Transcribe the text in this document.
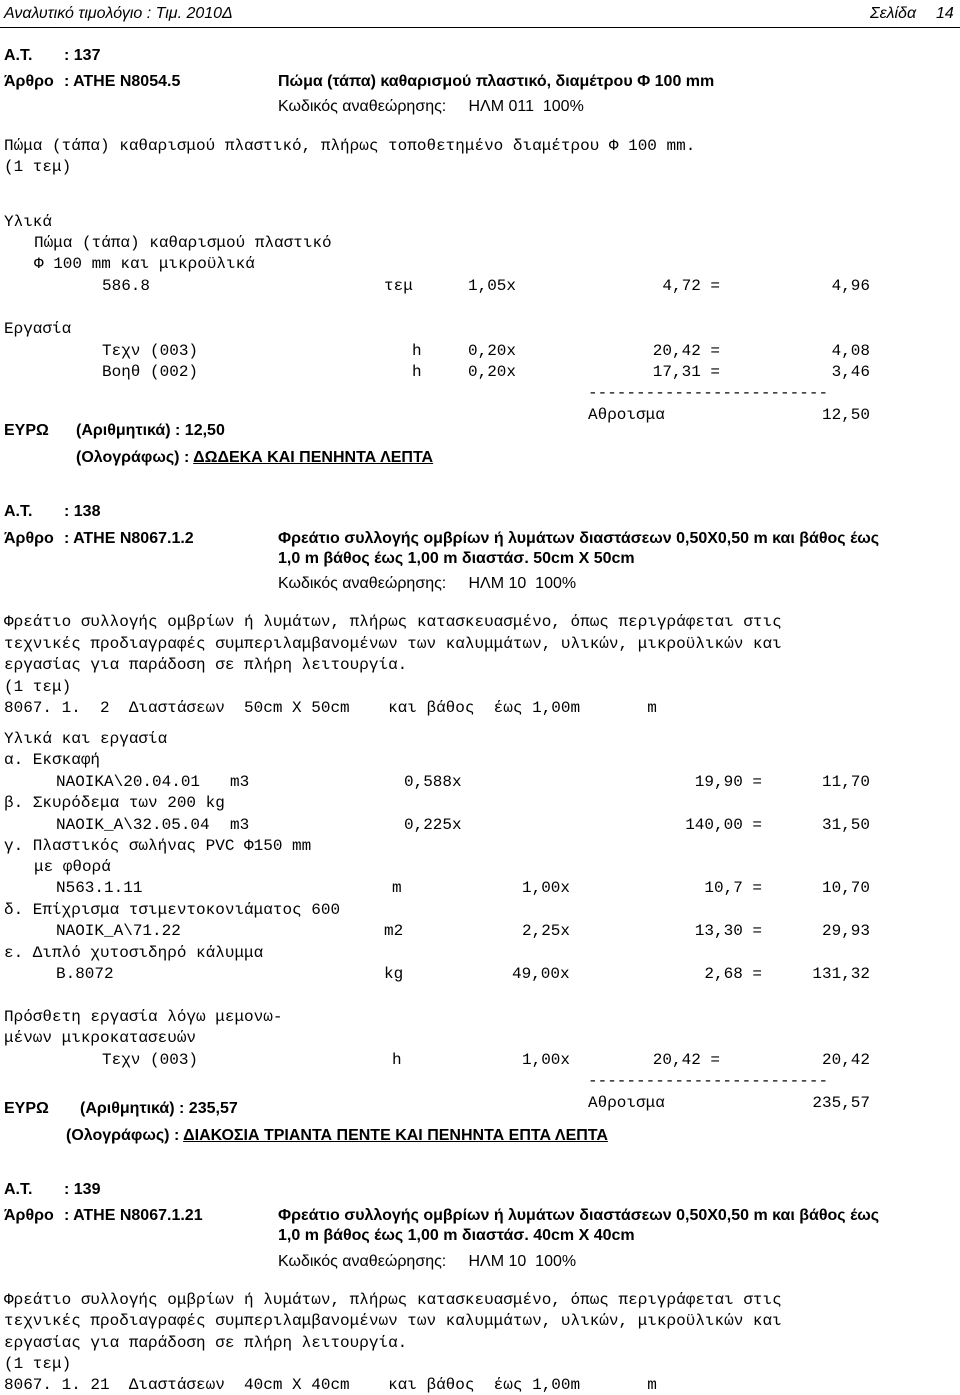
Αναλυτικό τιμολόγιο : Τιμ. 2010Δ	Σελίδα 14
Α.Τ. : 137
Άρθρο : ΑΤΗΕ Ν8054.5	Πώμα (τάπα) καθαρισμού πλαστικό, διαμέτρου Φ 100 mm
Κωδικός αναθεώρησης:     ΗΛΜ 011  100%
Πώμα (τάπα) καθαρισμού πλαστικό, πλήρως τοποθετημένο διαμέτρου Φ 100 mm.
(1 τεμ)
Υλικά
Πώμα (τάπα) καθαρισμού πλαστικό
Φ 100 mm και μικροϋλικά
586.8	τεμ	1,05x	4,72 =	4,96
Εργασία
Τεχν (003)	h	0,20x	20,42 =	4,08
Βοηθ (002)	h	0,20x	17,31 =	3,46
-------------------------
Αθροισμα	12,50
ΕΥΡΩ (Αριθμητικά) : 12,50
(Ολογράφως) : ΔΩΔΕΚΑ ΚΑΙ ΠΕΝΗΝΤΑ ΛΕΠΤΑ
Α.Τ. : 138
Άρθρο : ΑΤΗΕ Ν8067.1.2	Φρεάτιο συλλογής ομβρίων ή λυμάτων διαστάσεων 0,50Χ0,50 m και βάθος έως
1,0 m βάθος έως 1,00 m διαστάσ. 50cm X 50cm
Κωδικός αναθεώρησης:     ΗΛΜ 10  100%
Φρεάτιο συλλογής ομβρίων ή λυμάτων, πλήρως κατασκευασμένο, όπως περιγράφεται στις
τεχνικές προδιαγραφές συμπεριλαμβανομένων των καλυμμάτων, υλικών, μικροϋλικών και
εργασίας για παράδοση σε πλήρη λειτουργία.
(1 τεμ)
8067. 1.  2  Διαστάσεων  50cm X 50cm    και βάθος  έως 1,00m       m
Υλικά και εργασία
α. Εκσκαφή
ΝΑΟΙΚΑ\20.04.01 m3	0,588x	19,90 =	11,70
β. Σκυρόδεμα των 200 kg
ΝΑΟΙΚ_Α\32.05.04 m3	0,225x	140,00 =	31,50
γ. Πλαστικός σωλήνας PVC Φ150 mm
με φθορά
N563.1.11	m	1,00x	10,7 =	10,70
δ. Επίχρισμα τσιμεντοκονιάματος 600
ΝΑΟΙΚ_Α\71.22	m2	2,25x	13,30 =	29,93
ε. Διπλό χυτοσιδηρό κάλυμμα
B.8072	kg	49,00x	2,68 =	131,32
Πρόσθετη εργασία λόγω μεμονω-
μένων μικροκατασευών
Τεχν (003)	h	1,00x	20,42 =	20,42
-------------------------
Αθροισμα	235,57
ΕΥΡΩ (Αριθμητικά) : 235,57
(Ολογράφως) : ΔΙΑΚΟΣΙΑ ΤΡΙΑΝΤΑ ΠΕΝΤΕ ΚΑΙ ΠΕΝΗΝΤΑ ΕΠΤΑ ΛΕΠΤΑ
Α.Τ. : 139
Άρθρο : ΑΤΗΕ Ν8067.1.21	Φρεάτιο συλλογής ομβρίων ή λυμάτων διαστάσεων 0,50Χ0,50 m και βάθος έως
1,0 m βάθος έως 1,00 m διαστάσ. 40cm X 40cm
Κωδικός αναθεώρησης:     ΗΛΜ 10  100%
Φρεάτιο συλλογής ομβρίων ή λυμάτων, πλήρως κατασκευασμένο, όπως περιγράφεται στις
τεχνικές προδιαγραφές συμπεριλαμβανομένων των καλυμμάτων, υλικών, μικροϋλικών και
εργασίας για παράδοση σε πλήρη λειτουργία.
(1 τεμ)
8067. 1. 21  Διαστάσεων  40cm X 40cm    και βάθος  έως 1,00m       m
